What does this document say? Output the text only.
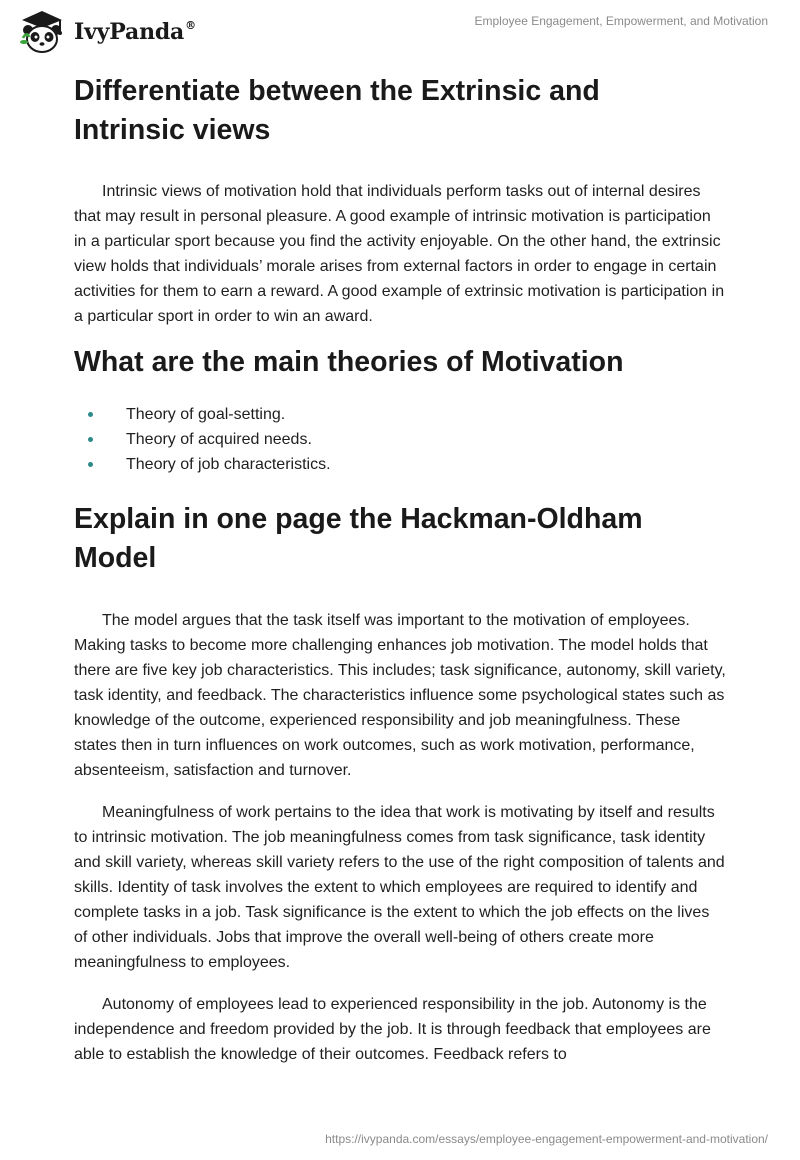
IvyPanda®	Employee Engagement, Empowerment, and Motivation
Differentiate between the Extrinsic and
Intrinsic views

Intrinsic views of motivation hold that individuals perform tasks out of internal desires that may result in personal pleasure. A good example of intrinsic motivation is participation in a particular sport because you find the activity enjoyable. On the other hand, the extrinsic view holds that individuals’ morale arises from external factors in order to engage in certain activities for them to earn a reward. A good example of extrinsic motivation is participation in a particular sport in order to win an award.

What are the main theories of Motivation
Theory of goal-setting.
Theory of acquired needs.
Theory of job characteristics.
Explain in one page the Hackman-Oldham
Model

The model argues that the task itself was important to the motivation of employees. Making tasks to become more challenging enhances job motivation. The model holds that there are five key job characteristics. This includes; task significance, autonomy, skill variety, task identity, and feedback. The characteristics influence some psychological states such as knowledge of the outcome, experienced responsibility and job meaningfulness. These states then in turn influences on work outcomes, such as work motivation, performance, absenteeism, satisfaction and turnover.

Meaningfulness of work pertains to the idea that work is motivating by itself and results to intrinsic motivation. The job meaningfulness comes from task significance, task identity and skill variety, whereas skill variety refers to the use of the right composition of talents and skills. Identity of task involves the extent to which employees are required to identify and complete tasks in a job. Task significance is the extent to which the job effects on the lives of other individuals. Jobs that improve the overall well-being of others create more meaningfulness to employees.

Autonomy of employees lead to experienced responsibility in the job. Autonomy is the independence and freedom provided by the job. It is through feedback that employees are able to establish the knowledge of their outcomes. Feedback refers to

https://ivypanda.com/essays/employee-engagement-empowerment-and-motivation/
